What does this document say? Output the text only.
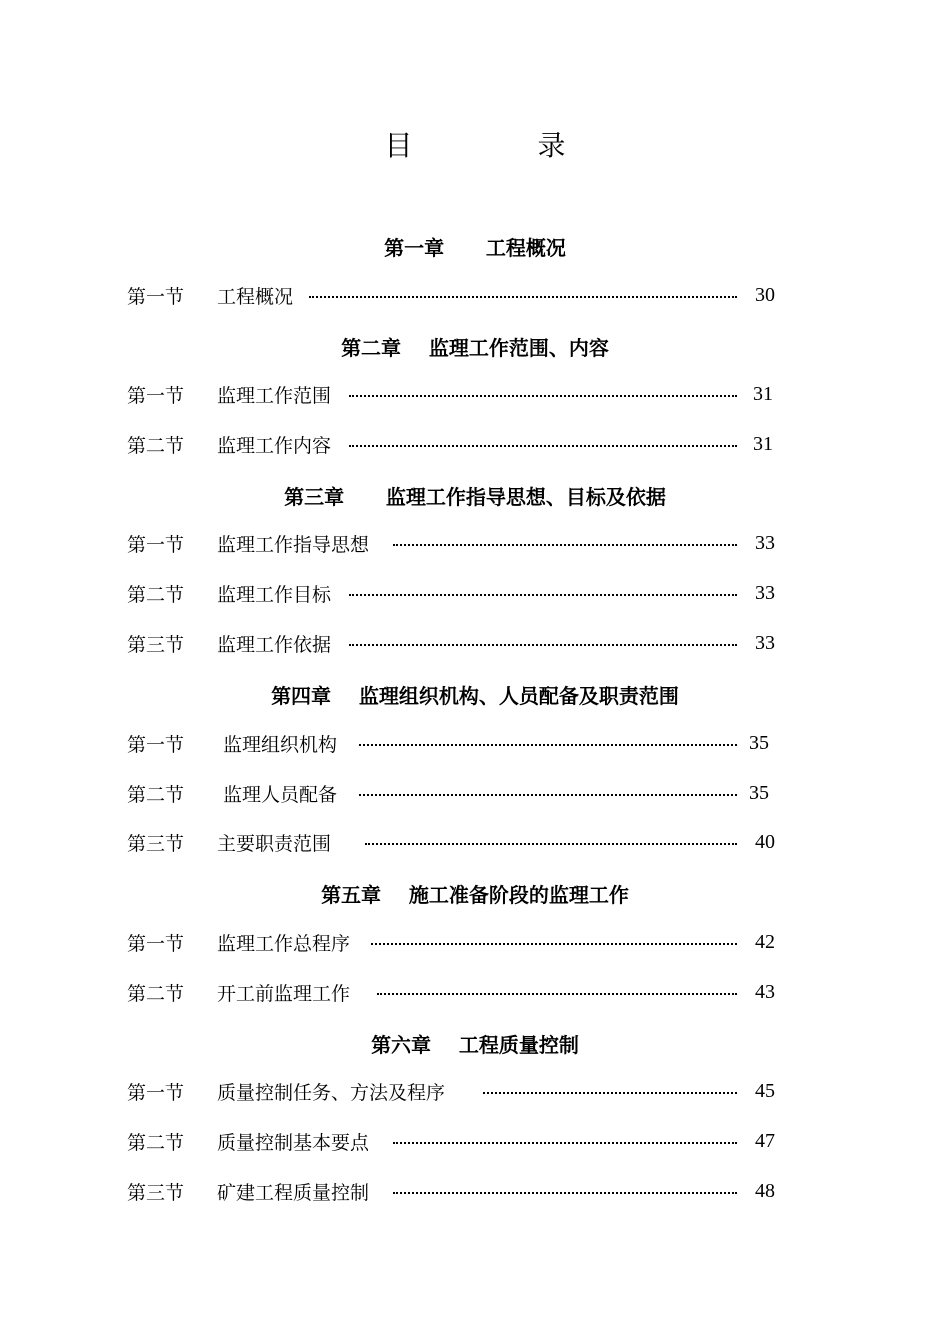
目 录
第一章      工程概况
第一节 工程概况	30
第二章    监理工作范围、内容
第一节 监理工作范围	31
第二节 监理工作内容	31
第三章      监理工作指导思想、目标及依据
第一节 监理工作指导思想	33
第二节 监理工作目标	33
第三节 监理工作依据	33
第四章    监理组织机构、人员配备及职责范围
第一节 监理组织机构	35
第二节 监理人员配备	35
第三节 主要职责范围	40
第五章    施工准备阶段的监理工作
第一节 监理工作总程序	42
第二节 开工前监理工作	43
第六章    工程质量控制
第一节 质量控制任务、方法及程序	45
第二节 质量控制基本要点	47
第三节 矿建工程质量控制	48
